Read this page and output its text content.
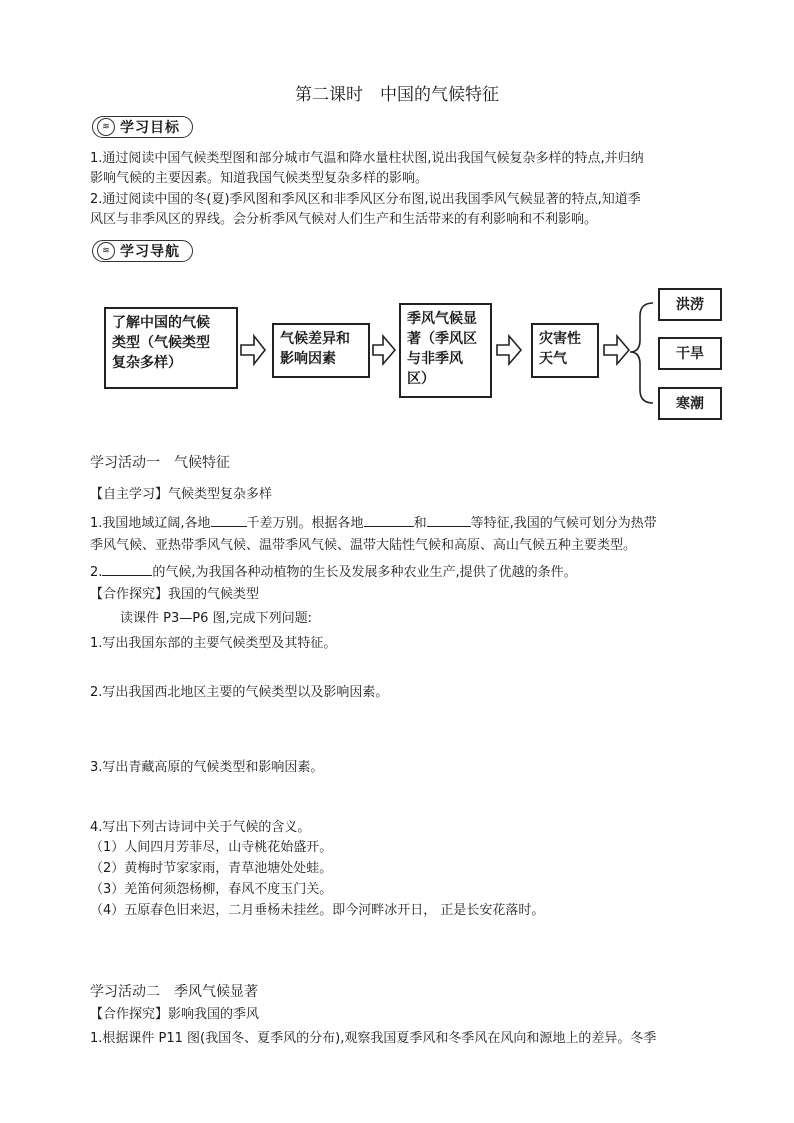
第二课时　中国的气候特征
≋ 学习目标
1.通过阅读中国气候类型图和部分城市气温和降水量柱状图,说出我国气候复杂多样的特点,并归纳
影响气候的主要因素。知道我国气候类型复杂多样的影响。
2.通过阅读中国的冬(夏)季风图和季风区和非季风区分布图,说出我国季风气候显著的特点,知道季
风区与非季风区的界线。会分析季风气候对人们生产和生活带来的有利影响和不利影响。
≋ 学习导航
了解中国的气候
类型（气候类型
复杂多样）
气候差异和
影响因素
季风气候显
著（季风区
与非季风
区）
灾害性
天气
洪涝
干旱
寒潮
学习活动一　气候特征
【自主学习】气候类型复杂多样
1.我国地域辽阔,各地	千差万别。根据各地	和	等特征,我国的气候可划分为热带
季风气候、亚热带季风气候、温带季风气候、温带大陆性气候和高原、高山气候五种主要类型。
2.	的气候,为我国各种动植物的生长及发展多种农业生产,提供了优越的条件。
【合作探究】我国的气候类型
读课件 P3—P6 图,完成下列问题:
1.写出我国东部的主要气候类型及其特征。
2.写出我国西北地区主要的气候类型以及影响因素。
3.写出青藏高原的气候类型和影响因素。
4.写出下列古诗词中关于气候的含义。
（1）人间四月芳菲尽，山寺桃花始盛开。
（2）黄梅时节家家雨，青草池塘处处蛙。
（3）羌笛何须怨杨柳，春风不度玉门关。
（4）五原春色旧来迟，二月垂杨未挂丝。即今河畔冰开日， 正是长安花落时。
学习活动二　季风气候显著
【合作探究】影响我国的季风
1.根据课件 P11 图(我国冬、夏季风的分布),观察我国夏季风和冬季风在风向和源地上的差异。冬季
